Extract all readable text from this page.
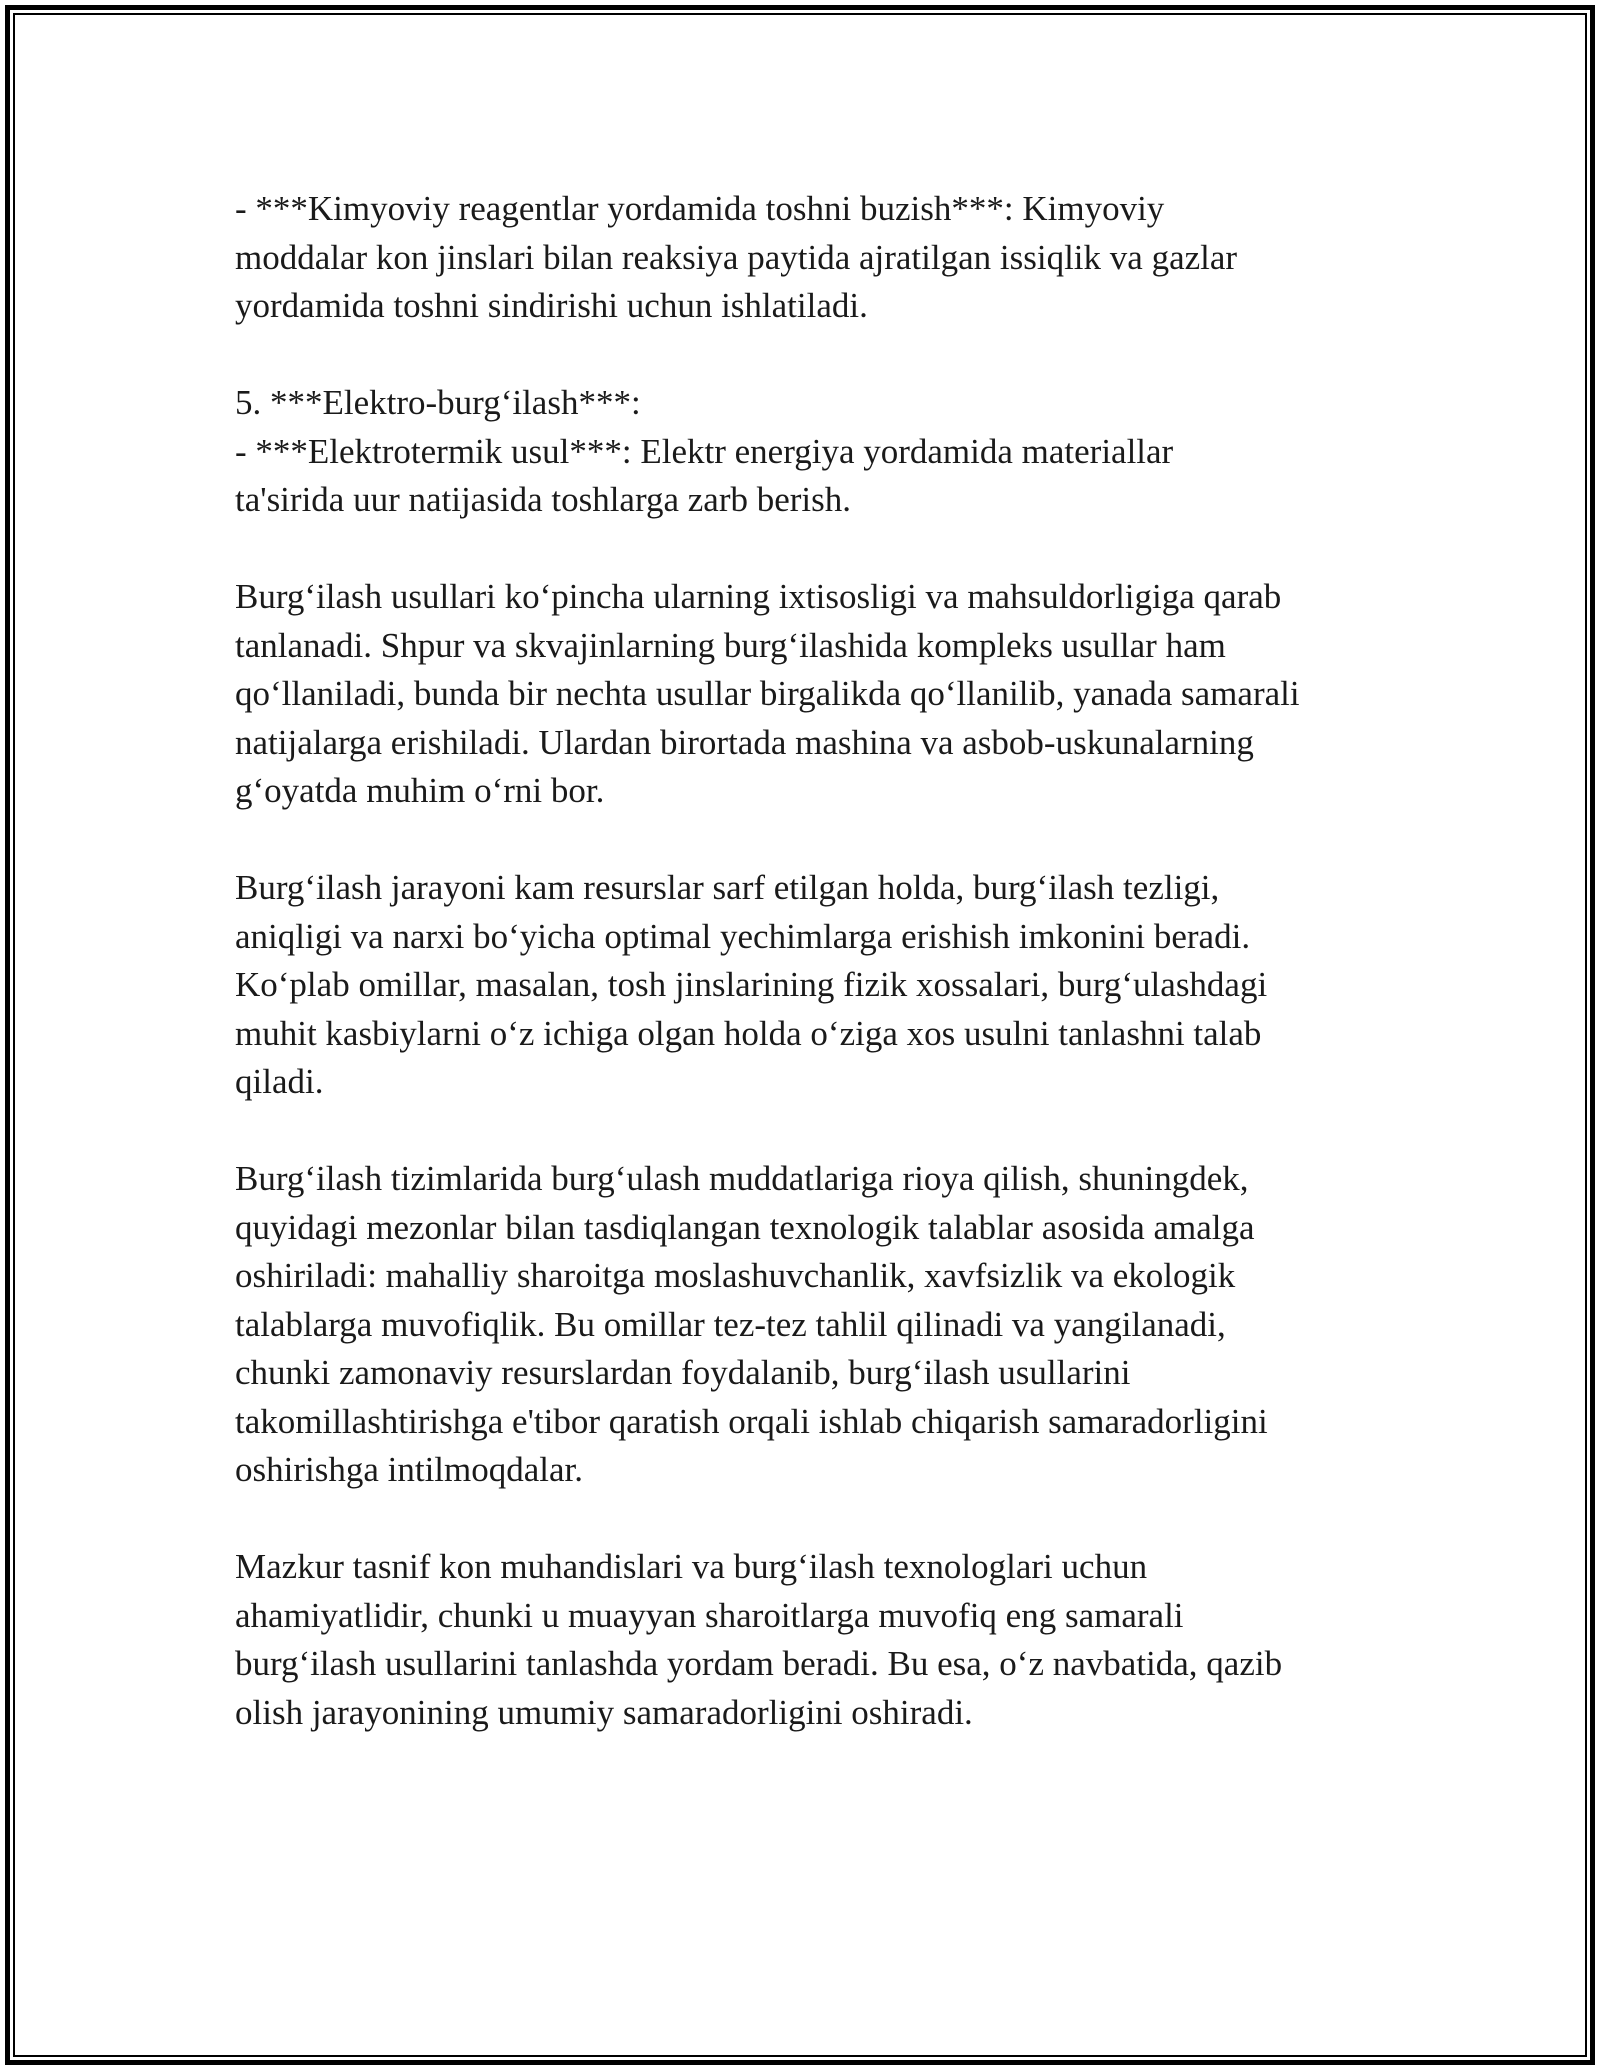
- ***Kimyoviy reagentlar yordamida toshni buzish***: Kimyoviy
moddalar kon jinslari bilan reaksiya paytida ajratilgan issiqlik va gazlar
yordamida toshni sindirishi uchun ishlatiladi.

5. ***Elektro-burg‘ilash***:
- ***Elektrotermik usul***: Elektr energiya yordamida materiallar
ta'sirida uur natijasida toshlarga zarb berish.

Burg‘ilash usullari ko‘pincha ularning ixtisosligi va mahsuldorligiga qarab
tanlanadi. Shpur va skvajinlarning burg‘ilashida kompleks usullar ham
qo‘llaniladi, bunda bir nechta usullar birgalikda qo‘llanilib, yanada samarali
natijalarga erishiladi. Ulardan birortada mashina va asbob-uskunalarning
g‘oyatda muhim o‘rni bor.

Burg‘ilash jarayoni kam resurslar sarf etilgan holda, burg‘ilash tezligi,
aniqligi va narxi bo‘yicha optimal yechimlarga erishish imkonini beradi.
Ko‘plab omillar, masalan, tosh jinslarining fizik xossalari, burg‘ulashdagi
muhit kasbiylarni o‘z ichiga olgan holda o‘ziga xos usulni tanlashni talab
qiladi.

Burg‘ilash tizimlarida burg‘ulash muddatlariga rioya qilish, shuningdek,
quyidagi mezonlar bilan tasdiqlangan texnologik talablar asosida amalga
oshiriladi: mahalliy sharoitga moslashuvchanlik, xavfsizlik va ekologik
talablarga muvofiqlik. Bu omillar tez-tez tahlil qilinadi va yangilanadi,
chunki zamonaviy resurslardan foydalanib, burg‘ilash usullarini
takomillashtirishga e'tibor qaratish orqali ishlab chiqarish samaradorligini
oshirishga intilmoqdalar.

Mazkur tasnif kon muhandislari va burg‘ilash texnologlari uchun
ahamiyatlidir, chunki u muayyan sharoitlarga muvofiq eng samarali
burg‘ilash usullarini tanlashda yordam beradi. Bu esa, o‘z navbatida, qazib
olish jarayonining umumiy samaradorligini oshiradi.
